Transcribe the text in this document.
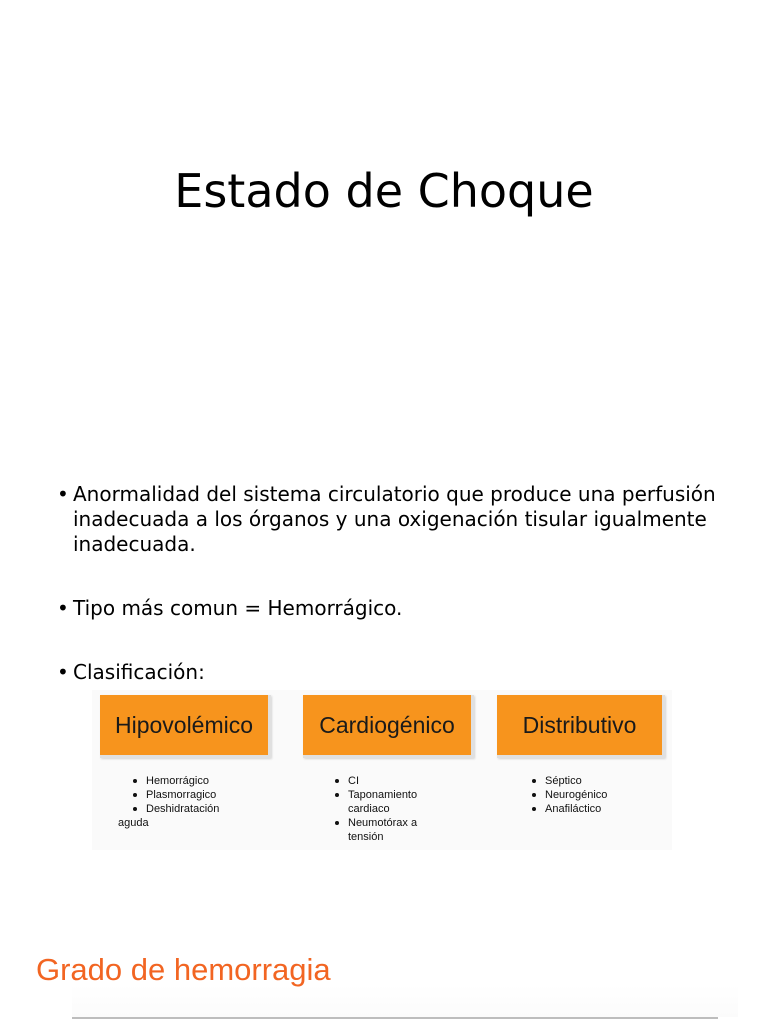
Estado de Choque
• Anormalidad del sistema circulatorio que produce una perfusión inadecuada a los órganos y una oxigenación tisular igualmente inadecuada.
• Tipo más comun = Hemorrágico.
• Clasificación:
Hipovolémico	Cardiogénico	Distributivo
Hemorrágico
Plasmorragico
Deshidratación
aguda
CI
Taponamiento cardiaco
Neumotórax a tensión
Séptico
Neurogénico
Anafiláctico
Grado de hemorragia
